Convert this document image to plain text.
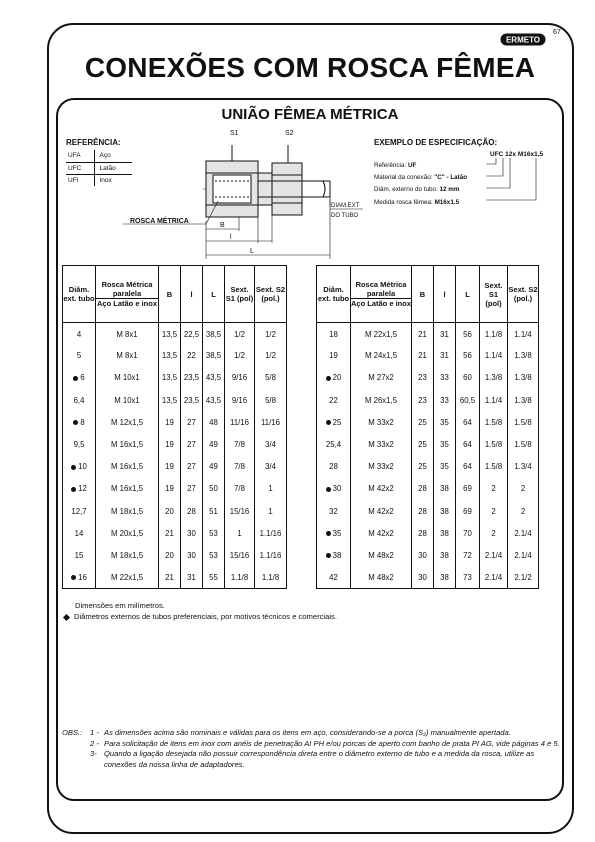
67
ERMETO
CONEXÕES COM ROSCA FÊMEA
UNIÃO FÊMEA MÉTRICA
REFERÊNCIA:
UFA	Aço
UFC	Latão
UFI	Inox
S1	S2
ROSCA MÉTRICA
B
l
L
DIAM.EXT
DO TUBO
EXEMPLO DE ESPECIFICAÇÃO:
UFC 12x M16x1,5
Referência: UF
Material da conexão: "C" - Latão
Diâm. externo do tubo: 12 mm
Medida rosca fêmea: M16x1.5
Diâm. ext. tubo	Rosca Métrica paralela
Aço Latão e inox	B	l	L	Sext. S1 (pol)	Sext. S2 (pol.)
4	M 8x1	13,5	22,5	38,5	1/2	1/2
5	M 8x1	13,5	22	38,5	1/2	1/2
6	M 10x1	13,5	23,5	43,5	9/16	5/8
6,4	M 10x1	13,5	23,5	43,5	9/16	5/8
8	M 12x1,5	19	27	48	11/16	11/16
9,5	M 16x1,5	19	27	49	7/8	3/4
10	M 16x1,5	19	27	49	7/8	3/4
12	M 16x1,5	19	27	50	7/8	1
12,7	M 18x1,5	20	28	51	15/16	1
14	M 20x1,5	21	30	53	1	1.1/16
15	M 18x1,5	20	30	53	15/16	1.1/16
16	M 22x1,5	21	31	55	1.1/8	1.1/8
Diâm. ext. tubo	Rosca Métrica paralela
Aço Latão e inox	B	l	L	Sext. S1 (pol)	Sext. S2 (pol.)
18	M 22x1,5	21	31	56	1.1/8	1.1/4
19	M 24x1,5	21	31	56	1.1/4	1.3/8
20	M 27x2	23	33	60	1.3/8	1.3/8
22	M 26x1,5	23	33	60,5	1.1/4	1.3/8
25	M 33x2	25	35	64	1.5/8	1.5/8
25,4	M 33x2	25	35	64	1.5/8	1.5/8
28	M 33x2	25	35	64	1.5/8	1.3/4
30	M 42x2	28	38	69	2	2
32	M 42x2	28	38	69	2	2
35	M 42x2	28	38	70	2	2.1/4
38	M 48x2	30	38	72	2.1/4	2.1/4
42	M 48x2	30	38	73	2.1/4	2.1/2
Dimensões em milímetros.
Diâmetros externos de tubos preferenciais, por motivos técnicos e comerciais.
OBS.:	1 - As dimensões acima são nominais e válidas para os itens em aço, considerando-se a porca (S₂) manualmente apertada.
2 - Para solicitação de itens em inox com anéis de penetração AI PH e/ou porcas de aperto com banho de prata PI AG, vide páginas 4 e 5.
3- Quando a ligação desejada não possuir correspondência direta entre o diâmetro externo de tubo e a medida da rosca, utilize as conexões da nossa linha de adaptadores.
